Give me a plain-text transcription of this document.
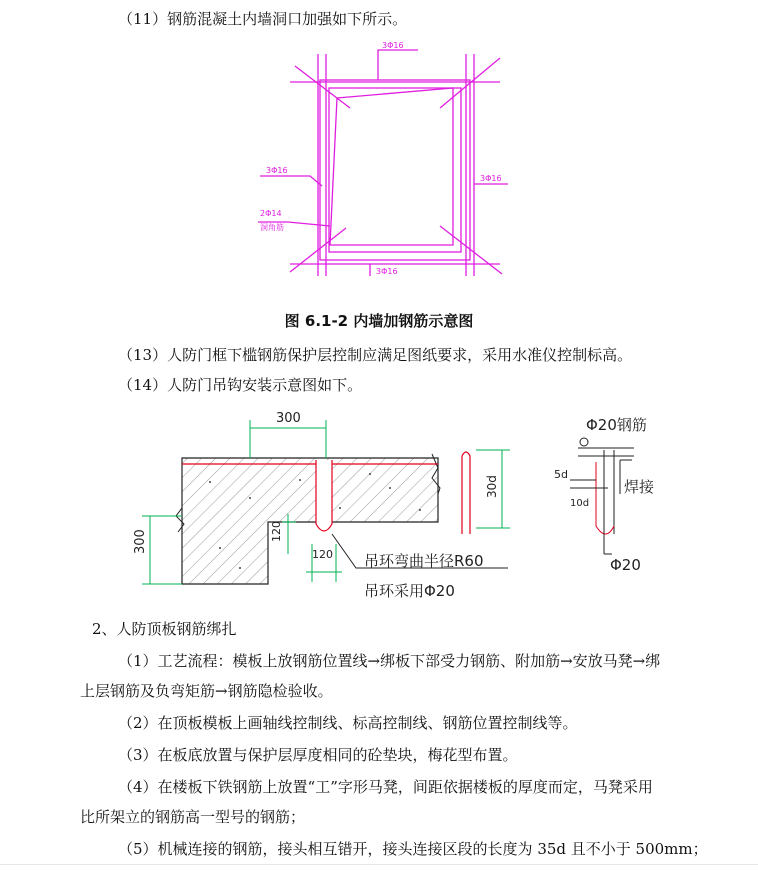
（11）钢筋混凝土内墙洞口加强如下所示。
3Φ16
3Φ16
3Φ16
3Φ16
2Φ14
洞角筋
图 6.1-2 内墙加钢筋示意图
（13）人防门框下槛钢筋保护层控制应满足图纸要求，采用水准仪控制标高。
（14）人防门吊钩安装示意图如下。
300
300	120
120
30d
吊环弯曲半径R60
吊环采用Φ20
Φ20钢筋
5d
10d
焊接
Φ20
2、人防顶板钢筋绑扎
（1）工艺流程：模板上放钢筋位置线→绑板下部受力钢筋、附加筋→安放马凳→绑
上层钢筋及负弯矩筋→钢筋隐检验收。
（2）在顶板模板上画轴线控制线、标高控制线、钢筋位置控制线等。
（3）在板底放置与保护层厚度相同的砼垫块，梅花型布置。
（4）在楼板下铁钢筋上放置“工”字形马凳，间距依据楼板的厚度而定，马凳采用
比所架立的钢筋高一型号的钢筋；
（5）机械连接的钢筋，接头相互错开，接头连接区段的长度为 35d 且不小于 500mm；
